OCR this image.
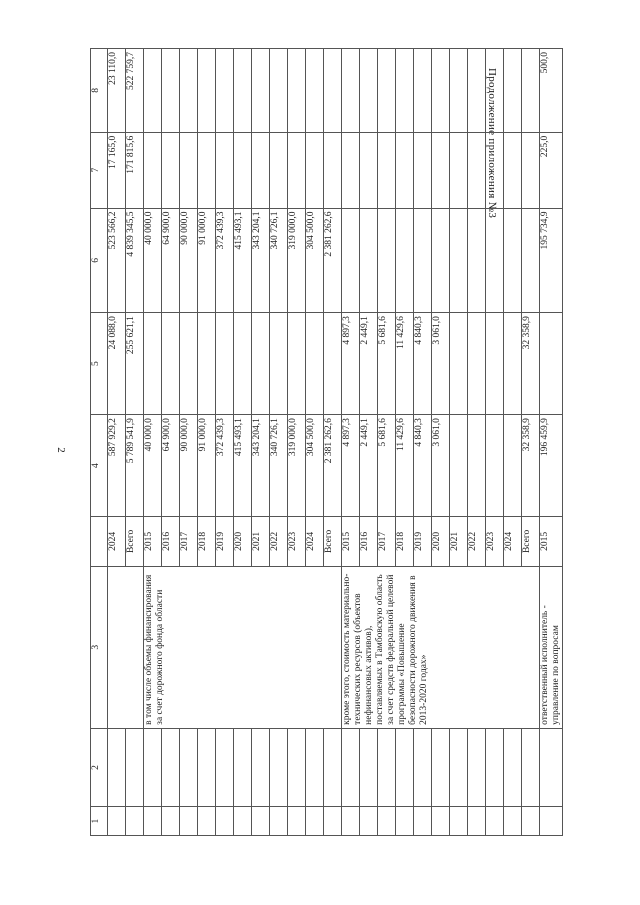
2
Продолжение приложения №3
1	2	3		4	5	6	7	8
			2024	587 929,2	24 088,0	523 566,2	17 165,0	23 110,0
			Всего	5 789 541,9	255 621,1	4 839 345,5	171 815,6	522 759,7
		в том числе объемы финансирования за счет дорожного фонда области	2015	40 000,0		40 000,0		
			2016	64 900,0		64 900,0		
			2017	90 000,0		90 000,0		
			2018	91 000,0		91 000,0		
			2019	372 439,3		372 439,3		
			2020	415 493,1		415 493,1		
			2021	343 204,1		343 204,1		
			2022	340 726,1		340 726,1		
			2023	319 000,0		319 000,0		
			2024	304 500,0		304 500,0		
			Всего	2 381 262,6		2 381 262,6		
		кроме этого, стоимость материально-технических ресурсов (объектов нефинансовых активов), поставляемых в Тамбовскую область за счет средств федеральной целевой программы «Повышение безопасности дорожного движения в 2013-2020 годах»	2015	4 897,3	4 897,3			
			2016	2 449,1	2 449,1			
			2017	5 681,6	5 681,6			
			2018	11 429,6	11 429,6			
			2019	4 840,3	4 840,3			
			2020	3 061,0	3 061,0			
			2021					
			2022					
			2023					
			2024					
			Всего	32 358,9	32 358,9			
		ответственный исполнитель - управление по вопросам	2015	196 459,9		195 734,9	225,0	500,0
